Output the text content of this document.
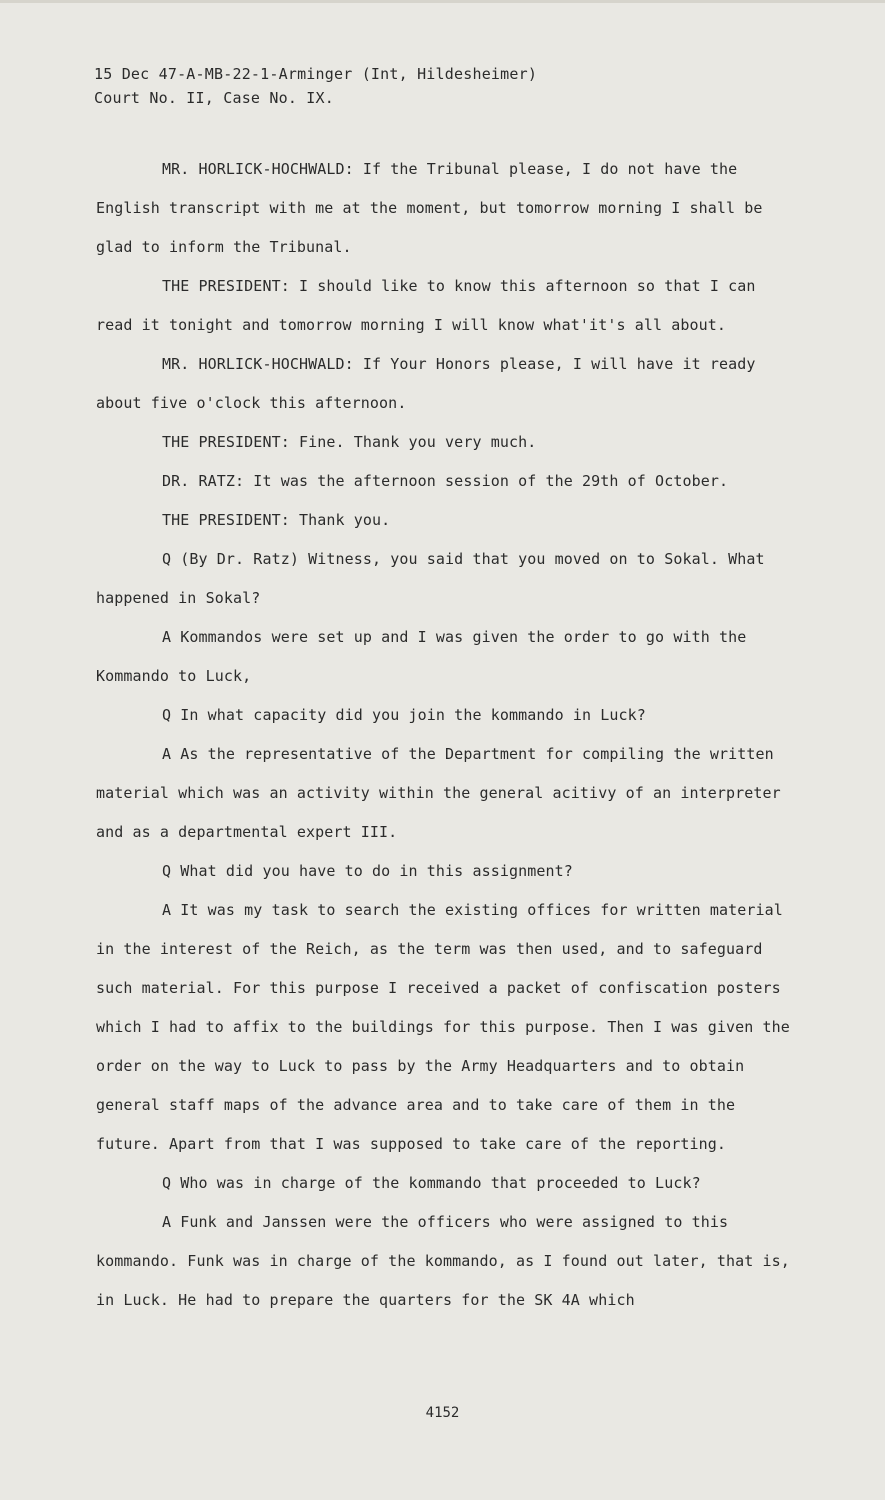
15 Dec 47-A-MB-22-1-Arminger (Int, Hildesheimer)
Court No. II, Case No. IX.

MR. HORLICK-HOCHWALD: If the Tribunal please, I do not have the English transcript with me at the moment, but tomorrow morning I shall be glad to inform the Tribunal.

THE PRESIDENT: I should like to know this afternoon so that I can read it tonight and tomorrow morning I will know what'it's all about.

MR. HORLICK-HOCHWALD: If Your Honors please, I will have it ready about five o'clock this afternoon.

THE PRESIDENT: Fine. Thank you very much.

DR. RATZ: It was the afternoon session of the 29th of October.

THE PRESIDENT: Thank you.

Q (By Dr. Ratz) Witness, you said that you moved on to Sokal. What happened in Sokal?

A Kommandos were set up and I was given the order to go with the Kommando to Luck,

Q In what capacity did you join the kommando in Luck?

A As the representative of the Department for compiling the written material which was an activity within the general acitivy of an interpreter and as a departmental expert III.

Q What did you have to do in this assignment?

A It was my task to search the existing offices for written material in the interest of the Reich, as the term was then used, and to safeguard such material. For this purpose I received a packet of confiscation posters which I had to affix to the buildings for this purpose. Then I was given the order on the way to Luck to pass by the Army Headquarters and to obtain general staff maps of the advance area and to take care of them in the future. Apart from that I was supposed to take care of the reporting.

Q Who was in charge of the kommando that proceeded to Luck?

A Funk and Janssen were the officers who were assigned to this kommando. Funk was in charge of the kommando, as I found out later, that is, in Luck. He had to prepare the quarters for the SK 4A which

4152
